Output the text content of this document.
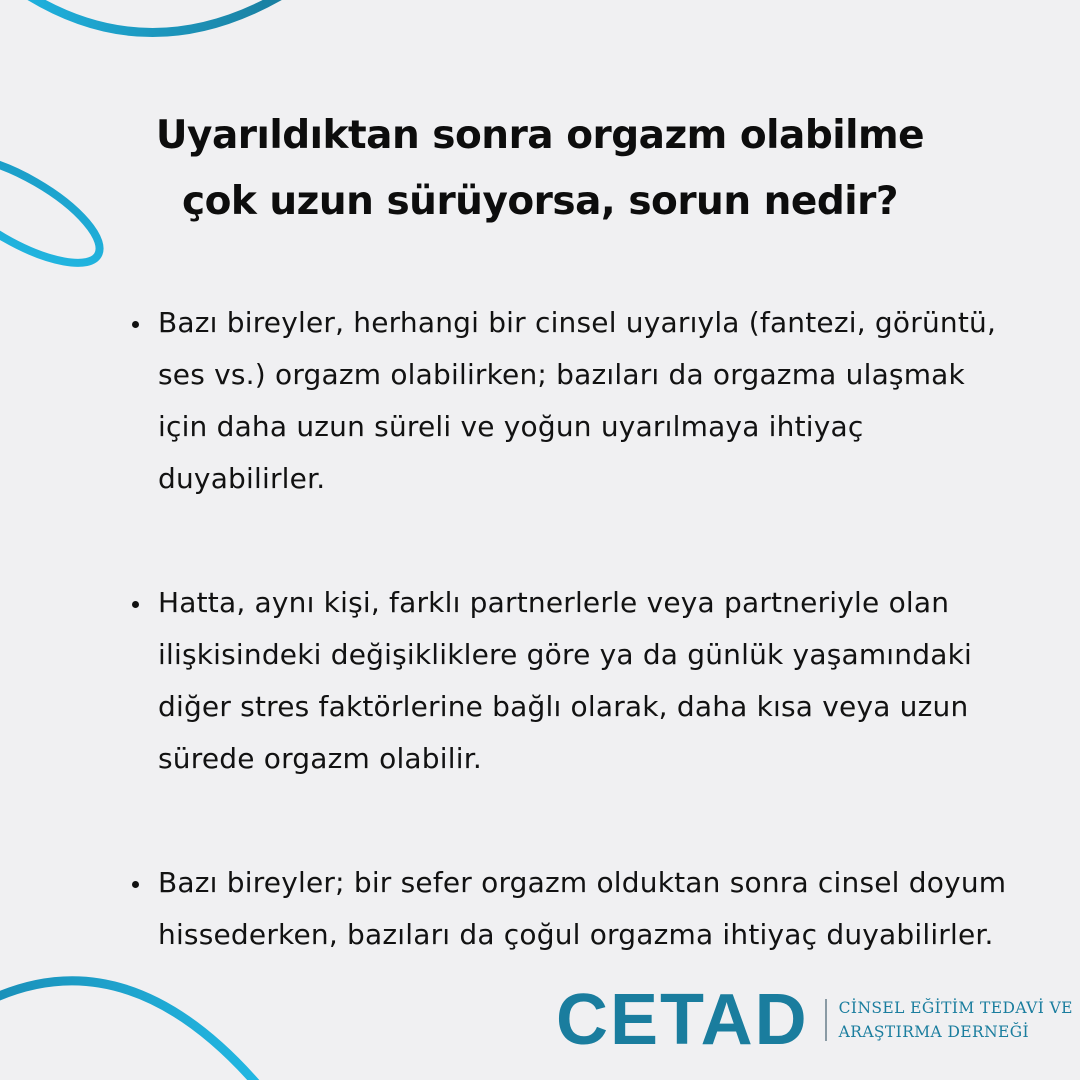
Uyarıldıktan sonra orgazm olabilme
çok uzun sürüyorsa, sorun nedir?
Bazı bireyler, herhangi bir cinsel uyarıyla (fantezi, görüntü, ses vs.) orgazm olabilirken; bazıları da orgazma ulaşmak için daha uzun süreli ve yoğun uyarılmaya ihtiyaç duyabilirler.
Hatta, aynı kişi, farklı partnerlerle veya partneriyle olan ilişkisindeki değişikliklere göre ya da günlük yaşamındaki diğer stres faktörlerine bağlı olarak, daha kısa veya uzun sürede orgazm olabilir.
Bazı bireyler; bir sefer orgazm olduktan sonra cinsel doyum hissederken, bazıları da çoğul orgazma ihtiyaç duyabilirler.
CETAD CİNSEL EĞİTİM TEDAVİ VE
ARAŞTIRMA DERNEĞİ
